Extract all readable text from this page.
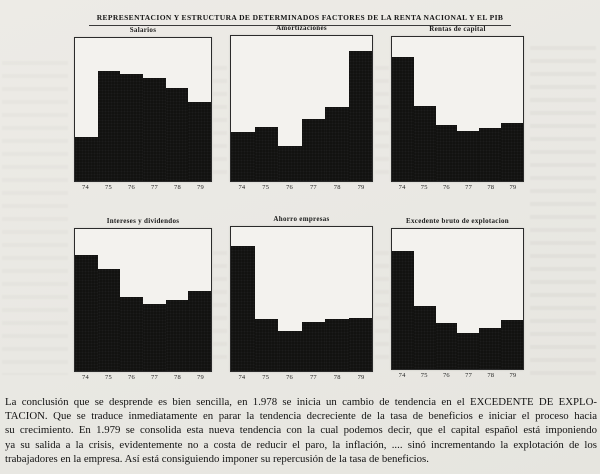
REPRESENTACION Y ESTRUCTURA DE DETERMINADOS FACTORES DE LA RENTA NACIONAL Y EL PIB
Salarios
74	75	76	77	78	79
Amortizaciones
74	75	76	77	78	79
Rentas de capital
74	75	76	77	78	79
Intereses y dividendos
74	75	76	77	78	79
Ahorro empresas
74	75	76	77	78	79
Excedente bruto de explotacion
74	75	76	77	78	79
La conclusión que se desprende es bien sencilla, en 1.978 se inicia un cambio de tendencia en el EXCEDENTE DE EXPLO-
TACION. Que se traduce inmediatamente en parar la tendencia decreciente de la tasa de beneficios e iniciar el proceso hacia
su crecimiento. En 1.979 se consolida esta nueva tendencia con la cual podemos decir, que el capital español está imponiendo
ya su salida a la crisis, evidentemente no a costa de reducir el paro, la inflación, .... sinó incrementando la explotación de los
trabajadores en la empresa. Así está consiguiendo imponer su repercusión de la tasa de beneficios.
